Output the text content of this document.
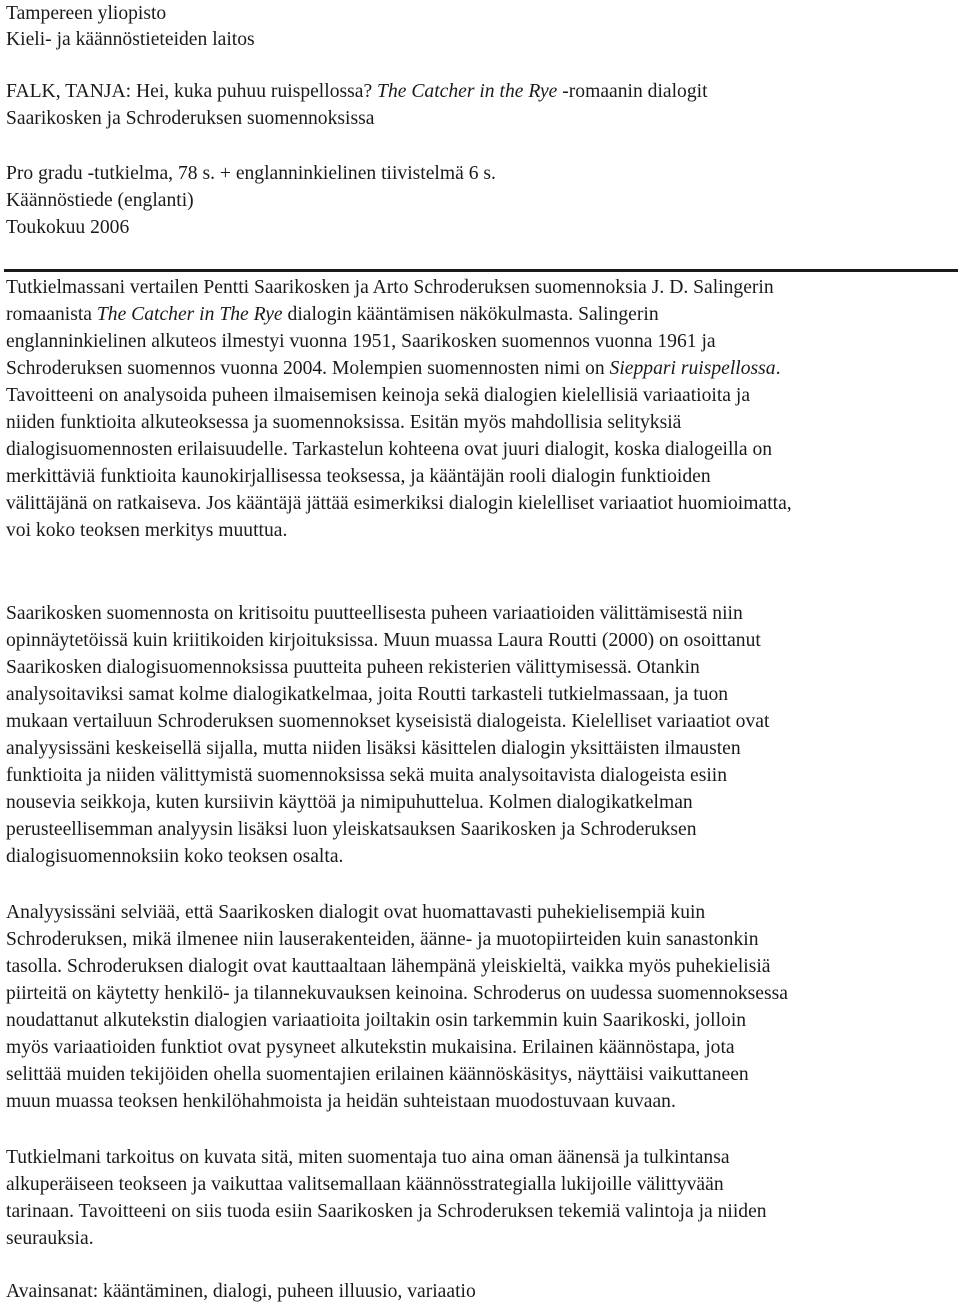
Tampereen yliopisto
Kieli- ja käännöstieteiden laitos
FALK, TANJA: Hei, kuka puhuu ruispellossa? The Catcher in the Rye -romaanin dialogit
Saarikosken ja Schroderuksen suomennoksissa
Pro gradu -tutkielma, 78 s. + englanninkielinen tiivistelmä 6 s.
Käännöstiede (englanti)
Toukokuu 2006
Tutkielmassani vertailen Pentti Saarikosken ja Arto Schroderuksen suomennoksia J. D. Salingerin
romaanista The Catcher in The Rye dialogin kääntämisen näkökulmasta. Salingerin
englanninkielinen alkuteos ilmestyi vuonna 1951, Saarikosken suomennos vuonna 1961 ja
Schroderuksen suomennos vuonna 2004. Molempien suomennosten nimi on Sieppari ruispellossa.
Tavoitteeni on analysoida puheen ilmaisemisen keinoja sekä dialogien kielellisiä variaatioita ja
niiden funktioita alkuteoksessa ja suomennoksissa. Esitän myös mahdollisia selityksiä
dialogisuomennosten erilaisuudelle. Tarkastelun kohteena ovat juuri dialogit, koska dialogeilla on
merkittäviä funktioita kaunokirjallisessa teoksessa, ja kääntäjän rooli dialogin funktioiden
välittäjänä on ratkaiseva. Jos kääntäjä jättää esimerkiksi dialogin kielelliset variaatiot huomioimatta,
voi koko teoksen merkitys muuttua.
Saarikosken suomennosta on kritisoitu puutteellisesta puheen variaatioiden välittämisestä niin
opinnäytetöissä kuin kriitikoiden kirjoituksissa. Muun muassa Laura Routti (2000) on osoittanut
Saarikosken dialogisuomennoksissa puutteita puheen rekisterien välittymisessä. Otankin
analysoitaviksi samat kolme dialogikatkelmaa, joita Routti tarkasteli tutkielmassaan, ja tuon
mukaan vertailuun Schroderuksen suomennokset kyseisistä dialogeista. Kielelliset variaatiot ovat
analyysissäni keskeisellä sijalla, mutta niiden lisäksi käsittelen dialogin yksittäisten ilmausten
funktioita ja niiden välittymistä suomennoksissa sekä muita analysoitavista dialogeista esiin
nousevia seikkoja, kuten kursiivin käyttöä ja nimipuhuttelua. Kolmen dialogikatkelman
perusteellisemman analyysin lisäksi luon yleiskatsauksen Saarikosken ja Schroderuksen
dialogisuomennoksiin koko teoksen osalta.
Analyysissäni selviää, että Saarikosken dialogit ovat huomattavasti puhekielisempiä kuin
Schroderuksen, mikä ilmenee niin lauserakenteiden, äänne- ja muotopiirteiden kuin sanastonkin
tasolla. Schroderuksen dialogit ovat kauttaaltaan lähempänä yleiskieltä, vaikka myös puhekielisiä
piirteitä on käytetty henkilö- ja tilannekuvauksen keinoina. Schroderus on uudessa suomennoksessa
noudattanut alkutekstin dialogien variaatioita joiltakin osin tarkemmin kuin Saarikoski, jolloin
myös variaatioiden funktiot ovat pysyneet alkutekstin mukaisina. Erilainen käännöstapa, jota
selittää muiden tekijöiden ohella suomentajien erilainen käännöskäsitys, näyttäisi vaikuttaneen
muun muassa teoksen henkilöhahmoista ja heidän suhteistaan muodostuvaan kuvaan.
Tutkielmani tarkoitus on kuvata sitä, miten suomentaja tuo aina oman äänensä ja tulkintansa
alkuperäiseen teokseen ja vaikuttaa valitsemallaan käännösstrategialla lukijoille välittyvään
tarinaan. Tavoitteeni on siis tuoda esiin Saarikosken ja Schroderuksen tekemiä valintoja ja niiden
seurauksia.
Avainsanat: kääntäminen, dialogi, puheen illuusio, variaatio
